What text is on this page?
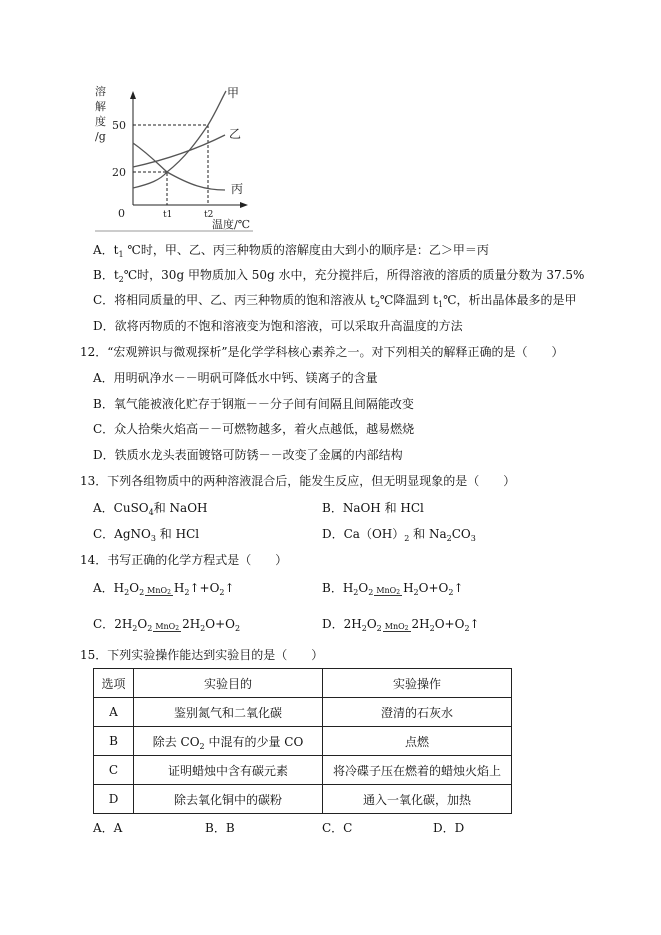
溶
解
度
/g
50
20
0	t1	t2
温度/℃
甲
乙
丙
A．$t_1$ ℃时，甲、乙、丙三种物质的溶解度由大到小的顺序是：乙＞甲＝丙
B．$t_2℃$时，30g 甲物质加入 50g 水中，充分搅拌后，所得溶液的溶质的质量分数为 37.5%
C．将相同质量的甲、乙、丙三种物质的饱和溶液从 $t_2℃$降温到 $t_1℃$，析出晶体最多的是甲
D．欲将丙物质的不饱和溶液变为饱和溶液，可以采取升高温度的方法
12．“宏观辨识与微观探析”是化学学科核心素养之一。对下列相关的解释正确的是（　　）
A．用明矾净水－－明矾可降低水中钙、镁离子的含量
B．氧气能被液化贮存于钢瓶－－分子间有间隔且间隔能改变
C．众人拾柴火焰高－－可燃物越多，着火点越低，越易燃烧
D．铁质水龙头表面镀铬可防锈－－改变了金属的内部结构
13．下列各组物质中的两种溶液混合后，能发生反应，但无明显现象的是（　　）
A．CuSO$_4$和 NaOH	B．NaOH 和 HCl
C．AgNO$_3$ 和 HCl	D．$Ca(OH)_2$ 和 $Na_2CO_3$
14．书写正确的化学方程式是（　　）
A． $H_2O_2$ MnO$_2$ $H_2↑+O_2↑$	B． $H_2O_2$ MnO$_2$ $H_2O+O_2↑$
C． $2H_2O_2$ MnO$_2$ $2H_2O+O_2$	D． $2H_2O_2$ MnO$_2$ $2H_2O+O_2↑$
15．下列实验操作能达到实验目的是（　　）
选项	实验目的	实验操作
A	鉴别氮气和二氧化碳	澄清的石灰水
B	除去 $CO_2$ 中混有的少量 CO	点燃
C	证明蜡烛中含有碳元素	将冷碟子压在燃着的蜡烛火焰上
D	除去氧化铜中的碳粉	通入一氧化碳，加热
A．A	B．B	C．C	D．D
